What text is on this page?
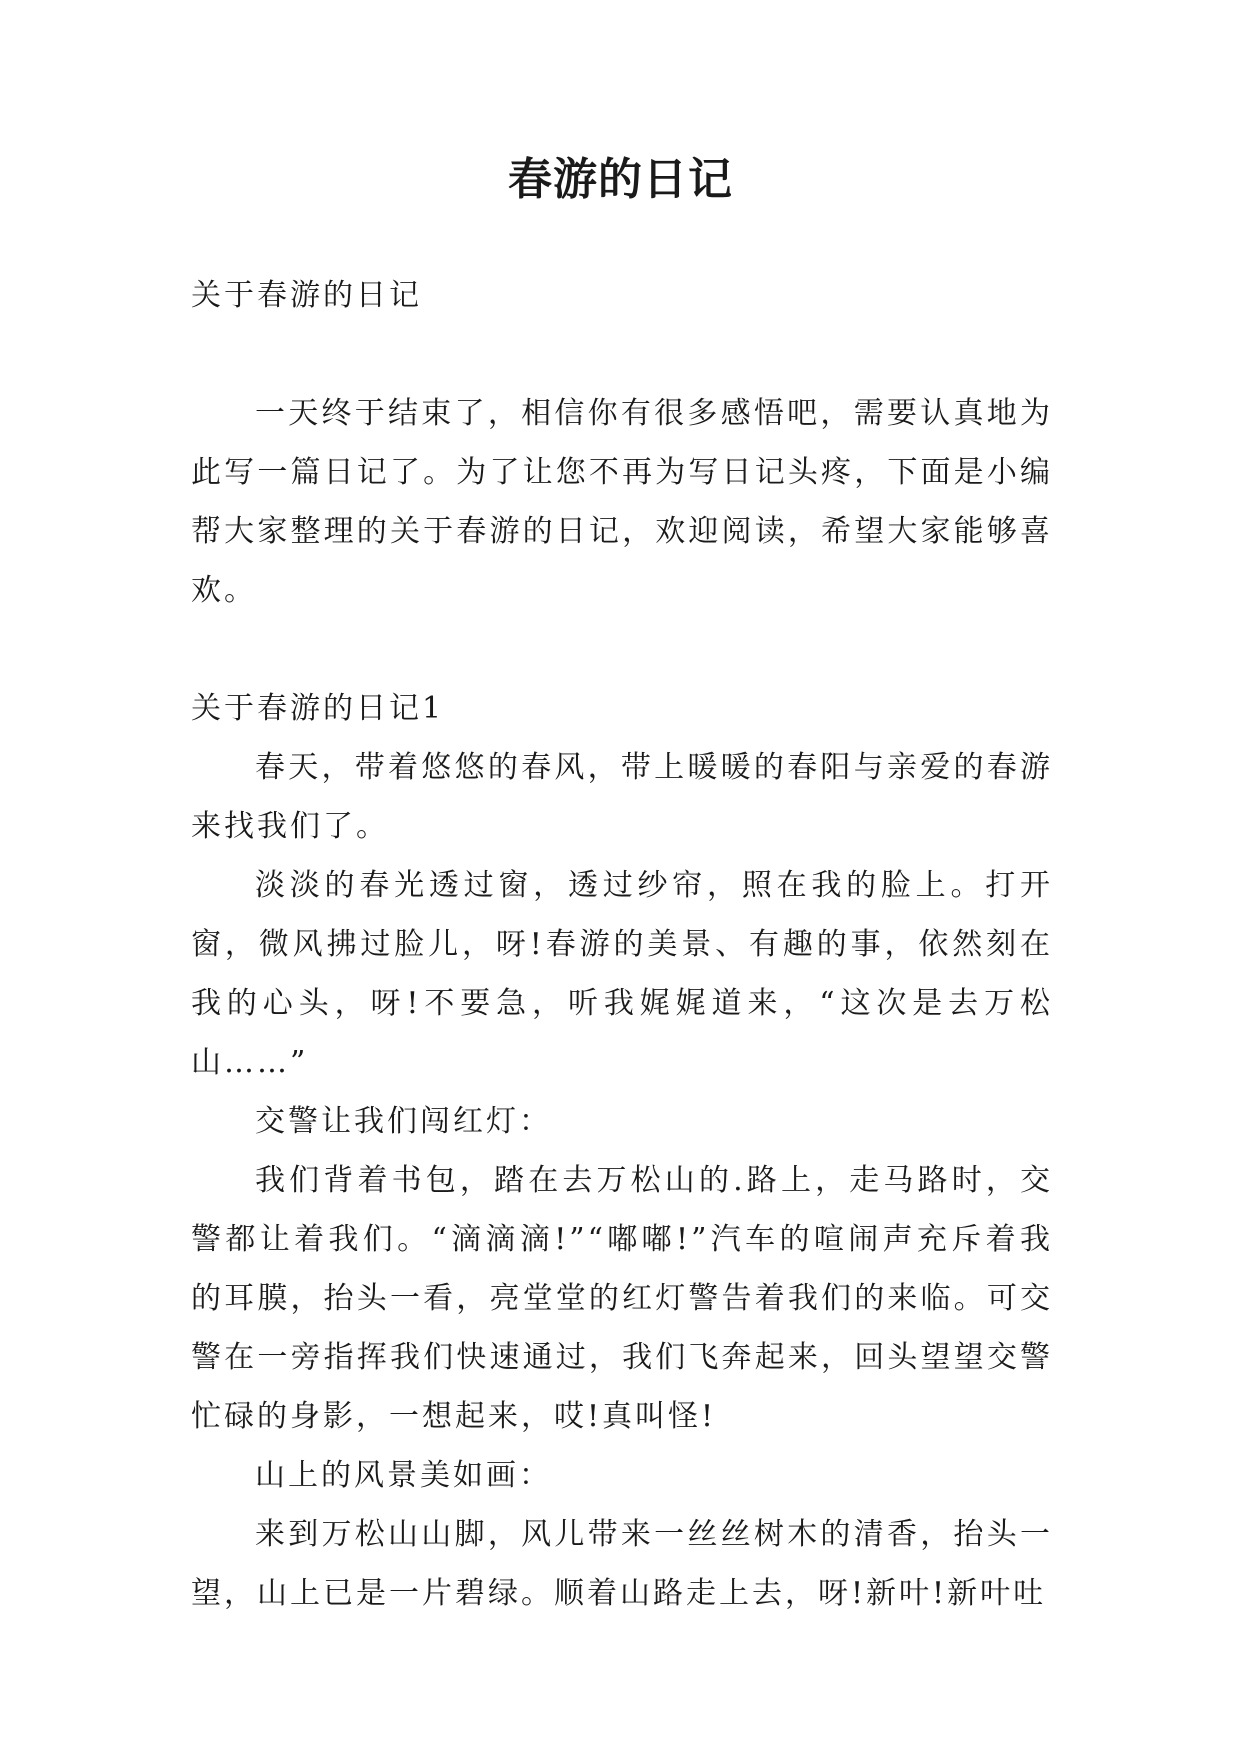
春游的日记

关于春游的日记

一天终于结束了，相信你有很多感悟吧，需要认真地为此写一篇日记了。为了让您不再为写日记头疼，下面是小编帮大家整理的关于春游的日记，欢迎阅读，希望大家能够喜欢。

关于春游的日记1

春天，带着悠悠的春风，带上暖暖的春阳与亲爱的春游来找我们了。

淡淡的春光透过窗，透过纱帘，照在我的脸上。打开窗，微风拂过脸儿，呀!春游的美景、有趣的事，依然刻在我的心头，呀!不要急，听我娓娓道来，“这次是去万松山……”

交警让我们闯红灯：

我们背着书包，踏在去万松山的.路上，走马路时，交警都让着我们。“滴滴滴!”“嘟嘟!”汽车的喧闹声充斥着我的耳膜，抬头一看，亮堂堂的红灯警告着我们的来临。可交警在一旁指挥我们快速通过，我们飞奔起来，回头望望交警忙碌的身影，一想起来，哎!真叫怪!

山上的风景美如画：

来到万松山山脚，风儿带来一丝丝树木的清香，抬头一望，山上已是一片碧绿。顺着山路走上去，呀!新叶!新叶吐
